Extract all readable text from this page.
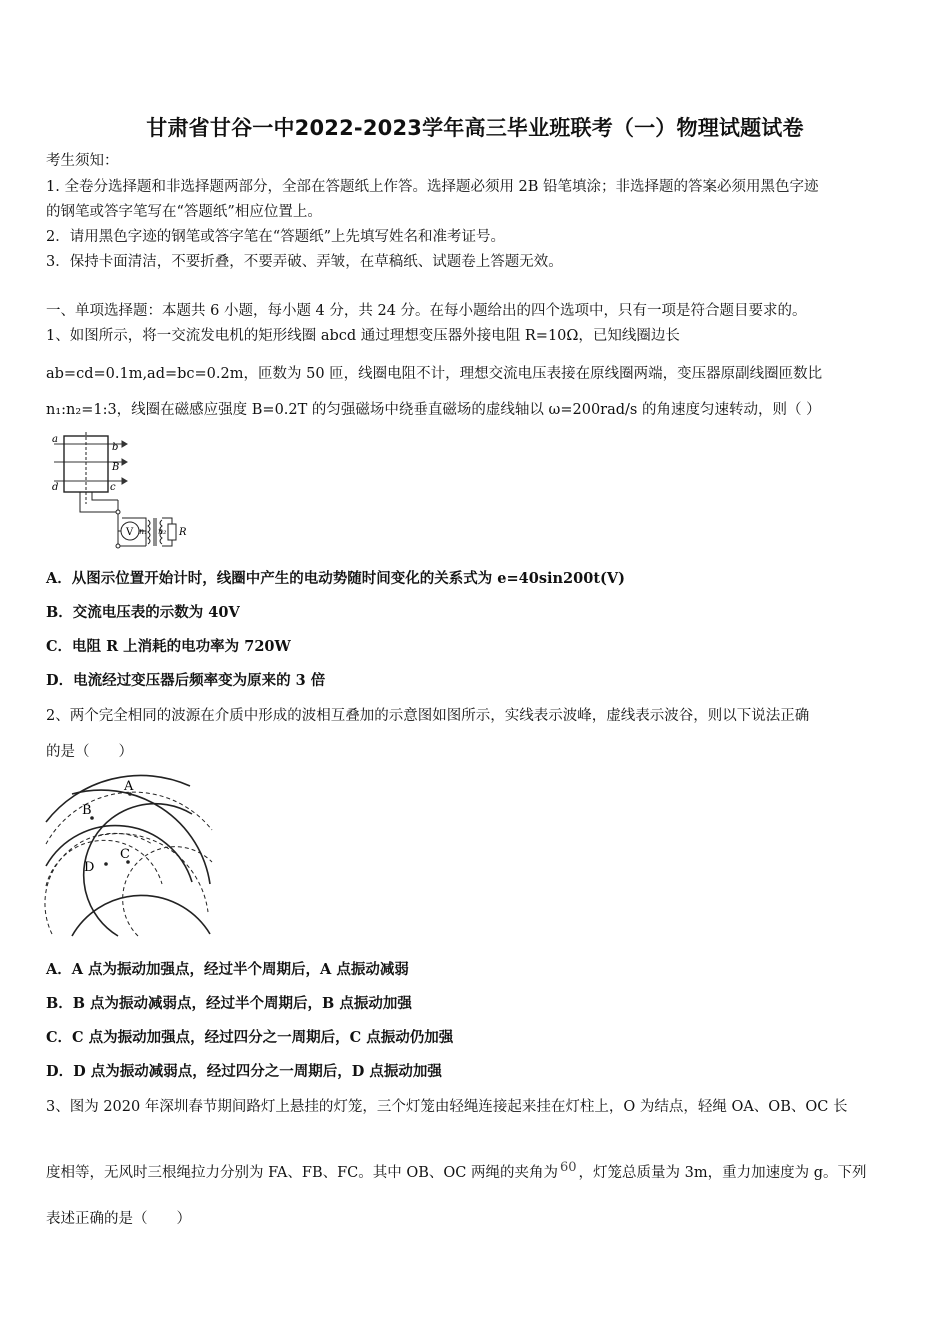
甘肃省甘谷一中2022-2023学年高三毕业班联考（一）物理试题试卷
考生须知：
1. 全卷分选择题和非选择题两部分，全部在答题纸上作答。选择题必须用 2B 铅笔填涂；非选择题的答案必须用黑色字迹
的钢笔或答字笔写在“答题纸”相应位置上。
2．请用黑色字迹的钢笔或答字笔在“答题纸”上先填写姓名和准考证号。
3．保持卡面清洁，不要折叠，不要弄破、弄皱，在草稿纸、试题卷上答题无效。
一、单项选择题：本题共 6 小题，每小题 4 分，共 24 分。在每小题给出的四个选项中，只有一项是符合题目要求的。
1、如图所示，将一交流发电机的矩形线圈 abcd 通过理想变压器外接电阻 R=10Ω，已知线圈边长
ab=cd=0.1m,ad=bc=0.2m，匝数为 50 匝，线圈电阻不计，理想交流电压表接在原线圈两端，变压器原副线圈匝数比
n₁:n₂=1:3，线圈在磁感应强度 B=0.2T 的匀强磁场中绕垂直磁场的虚线轴以 ω=200rad/s 的角速度匀速转动，则（ ）
a
b
B
d	c
V n₁ n₂ R
A．从图示位置开始计时，线圈中产生的电动势随时间变化的关系式为 e=40sin200t(V)
B．交流电压表的示数为 40V
C．电阻 R 上消耗的电功率为 720W
D．电流经过变压器后频率变为原来的 3 倍
2、两个完全相同的波源在介质中形成的波相互叠加的示意图如图所示，实线表示波峰，虚线表示波谷，则以下说法正确
的是（　　）
A
B
C
D
A．A 点为振动加强点，经过半个周期后，A 点振动减弱
B．B 点为振动减弱点，经过半个周期后，B 点振动加强
C．C 点为振动加强点，经过四分之一周期后，C 点振动仍加强
D．D 点为振动减弱点，经过四分之一周期后，D 点振动加强
3、图为 2020 年深圳春节期间路灯上悬挂的灯笼，三个灯笼由轻绳连接起来挂在灯柱上，O 为结点，轻绳 OA、OB、OC 长
度相等，无风时三根绳拉力分别为 FA、FB、FC。其中 OB、OC 两绳的夹角为 60 ，灯笼总质量为 3m，重力加速度为 g。下列
表述正确的是（　　）
